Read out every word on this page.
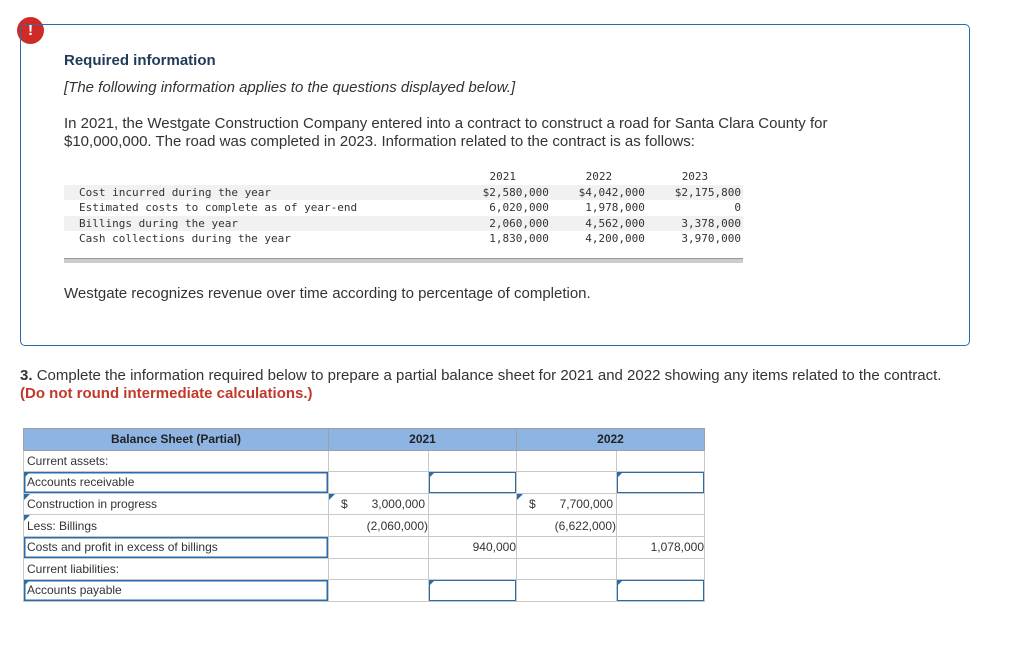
!

Required information

[The following information applies to the questions displayed below.]

In 2021, the Westgate Construction Company entered into a contract to construct a road for Santa Clara County for $10,000,000. The road was completed in 2023. Information related to the contract is as follows:

	2021	2022	2023
Cost incurred during the year	$2,580,000	$4,042,000	$2,175,800
Estimated costs to complete as of year-end	6,020,000	1,978,000	0
Billings during the year	2,060,000	4,562,000	3,378,000
Cash collections during the year	1,830,000	4,200,000	3,970,000

Westgate recognizes revenue over time according to percentage of completion.

3. Complete the information required below to prepare a partial balance sheet for 2021 and 2022 showing any items related to the contract. (Do not round intermediate calculations.)

Balance Sheet (Partial)	2021		2022	
Current assets:				

Accounts receivable		

Construction in progress	$ 3,000,000		$ 7,700,000	

Less: Billings	(2,060,000)		(6,622,000)	
Costs and profit in excess of billings		940,000		1,078,000
Current liabilities:				

Accounts payable		
